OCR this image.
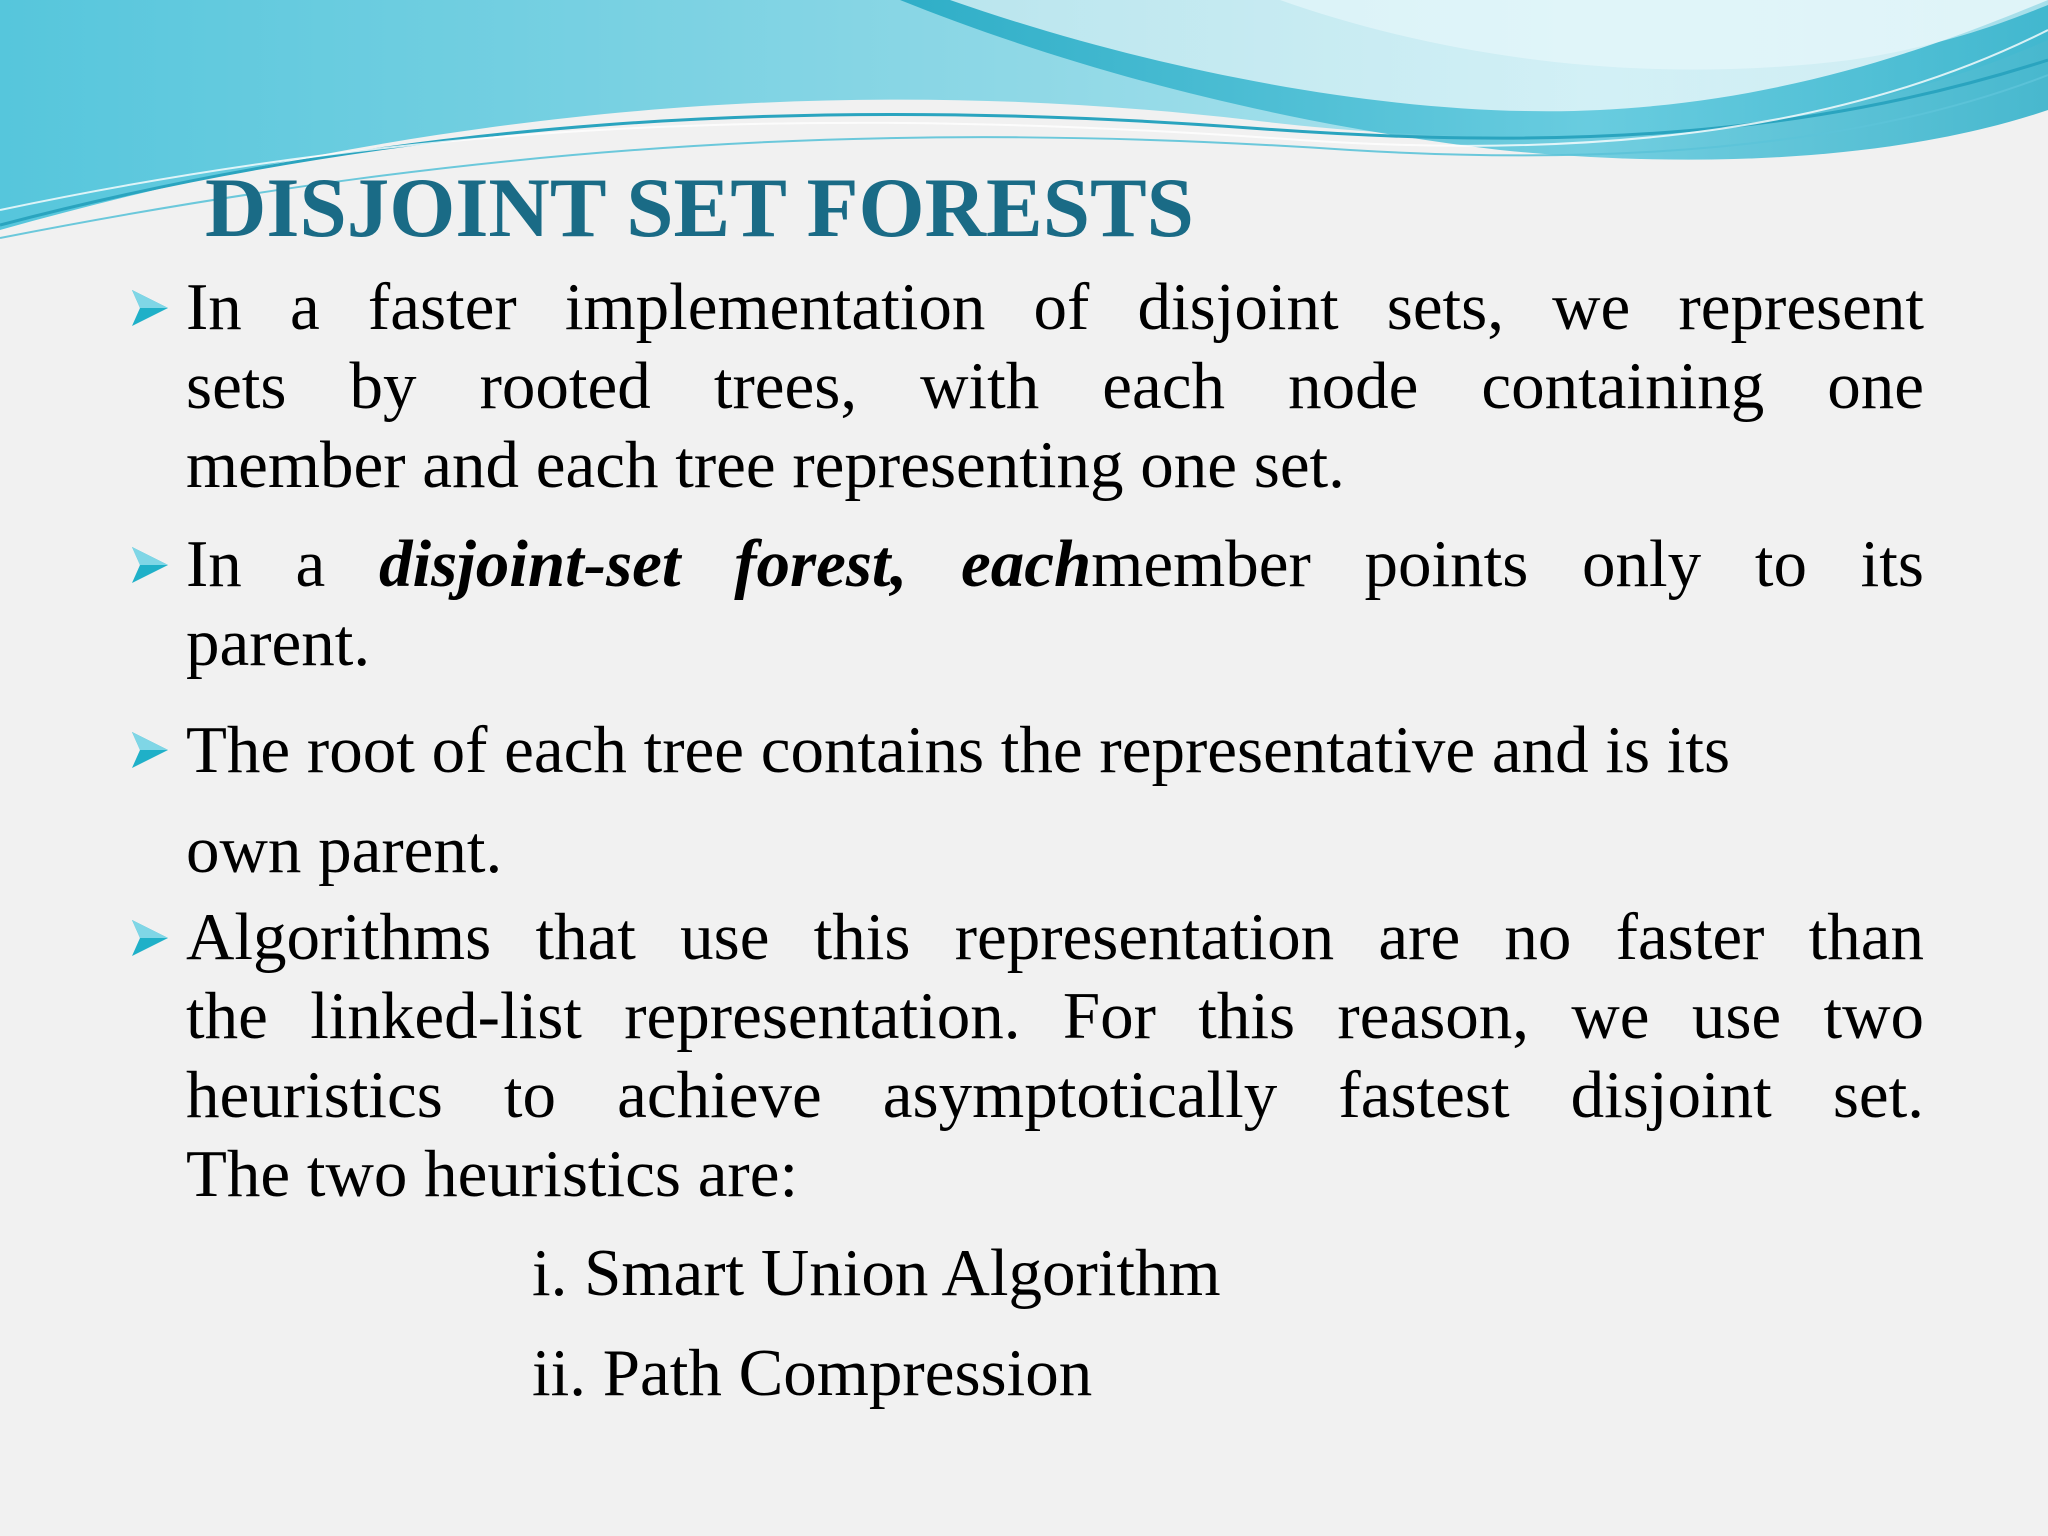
DISJOINT SET FORESTS

In a faster implementation of disjoint sets, we represent
sets by rooted trees, with each node containing one
member and each tree representing one set.

In a disjoint-set forest, eachmember points only to its
parent.

The root of each tree contains the representative and is its
own parent.

Algorithms that use this representation are no faster than
the linked-list representation. For this reason, we use two
heuristics to achieve asymptotically fastest disjoint set.
The two heuristics are:

i. Smart Union Algorithm
ii. Path Compression
